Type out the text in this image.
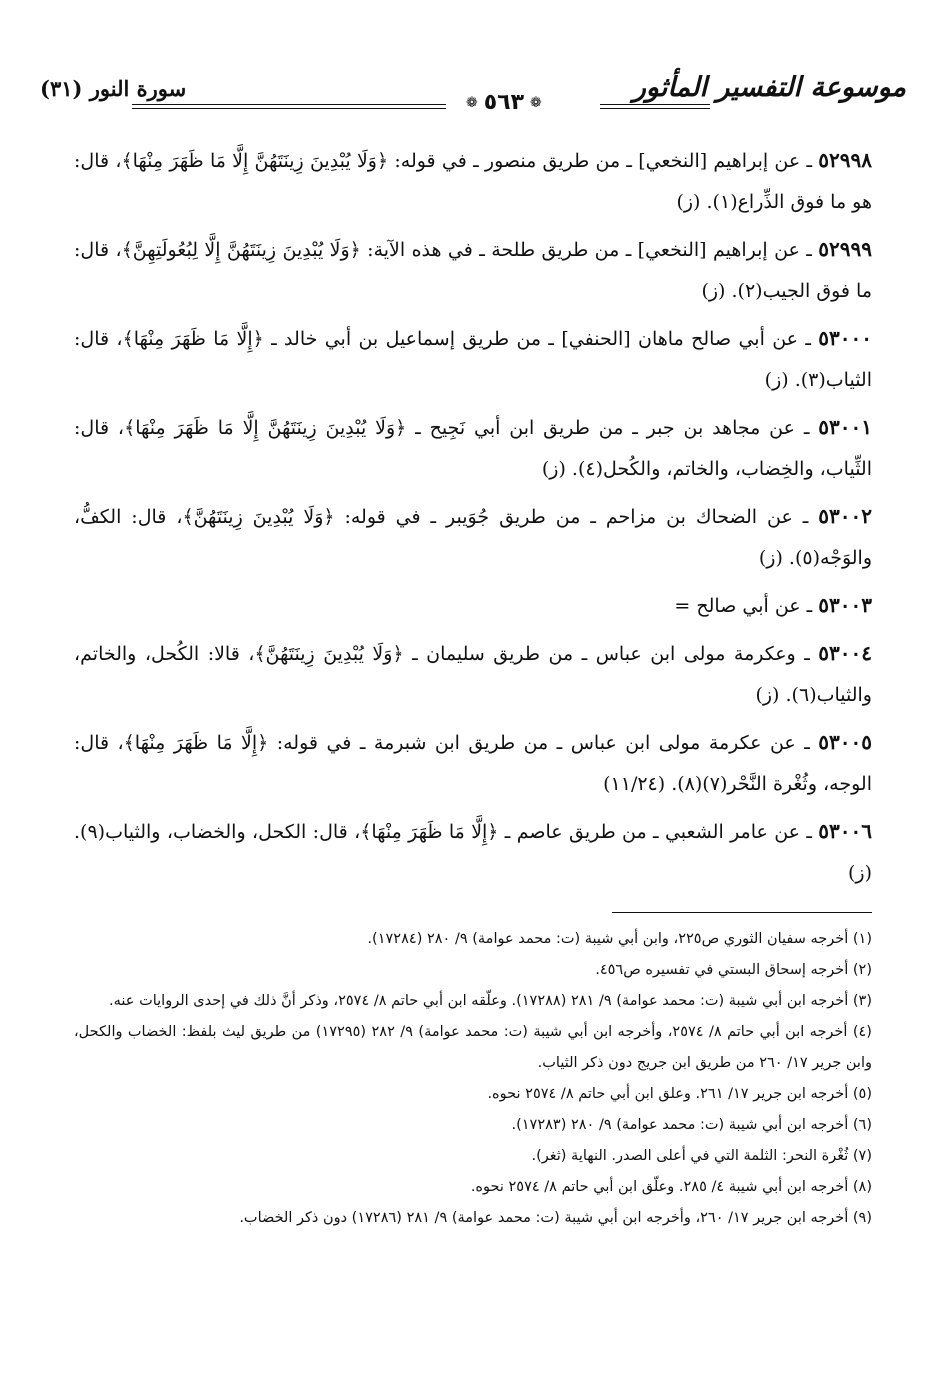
موسوعة التفسير المأثور
❁
٥٦٣
❁
سورة النور (٣١)

٥٢٩٩٨ ـ عن إبراهيم [النخعي] ـ من طريق منصور ـ في قوله: ﴿وَلَا يُبْدِينَ زِينَتَهُنَّ إِلَّا مَا ظَهَرَ مِنْهَا﴾، قال: هو ما فوق الذِّراع(١). (ز)

٥٢٩٩٩ ـ عن إبراهيم [النخعي] ـ من طريق طلحة ـ في هذه الآية: ﴿وَلَا يُبْدِينَ زِينَتَهُنَّ إِلَّا لِبُعُولَتِهِنَّ﴾، قال: ما فوق الجيب(٢). (ز)

٥٣٠٠٠ ـ عن أبي صالح ماهان [الحنفي] ـ من طريق إسماعيل بن أبي خالد ـ ﴿إِلَّا مَا ظَهَرَ مِنْهَا﴾، قال: الثياب(٣). (ز)

٥٣٠٠١ ـ عن مجاهد بن جبر ـ من طريق ابن أبي نَجِيح ـ ﴿وَلَا يُبْدِينَ زِينَتَهُنَّ إِلَّا مَا ظَهَرَ مِنْهَا﴾، قال: الثِّياب، والخِضاب، والخاتم، والكُحل(٤). (ز)

٥٣٠٠٢ ـ عن الضحاك بن مزاحم ـ من طريق جُوَيبر ـ في قوله: ﴿وَلَا يُبْدِينَ زِينَتَهُنَّ﴾، قال: الكفُّ، والوَجْه(٥). (ز)

٥٣٠٠٣ ـ عن أبي صالح =

٥٣٠٠٤ ـ وعكرمة مولى ابن عباس ـ من طريق سليمان ـ ﴿وَلَا يُبْدِينَ زِينَتَهُنَّ﴾، قالا: الكُحل، والخاتم، والثياب(٦). (ز)

٥٣٠٠٥ ـ عن عكرمة مولى ابن عباس ـ من طريق ابن شبرمة ـ في قوله: ﴿إِلَّا مَا ظَهَرَ مِنْهَا﴾، قال: الوجه، وثُغْرة النَّحْر(٧)(٨). (١١/٢٤)

٥٣٠٠٦ ـ عن عامر الشعبي ـ من طريق عاصم ـ ﴿إِلَّا مَا ظَهَرَ مِنْهَا﴾، قال: الكحل، والخضاب، والثياب(٩). (ز)

(١) أخرجه سفيان الثوري ص٢٢٥، وابن أبي شيبة (ت: محمد عوامة) ٩/ ٢٨٠ (١٧٢٨٤).

(٢) أخرجه إسحاق البستي في تفسيره ص٤٥٦.

(٣) أخرجه ابن أبي شيبة (ت: محمد عوامة) ٩/ ٢٨١ (١٧٢٨٨). وعلّقه ابن أبي حاتم ٨/ ٢٥٧٤، وذكر أنَّ ذلك في إحدى الروايات عنه.

(٤) أخرجه ابن أبي حاتم ٨/ ٢٥٧٤، وأخرجه ابن أبي شيبة (ت: محمد عوامة) ٩/ ٢٨٢ (١٧٢٩٥) من طريق ليث بلفظ: الخضاب والكحل، وابن جرير ١٧/ ٢٦٠ من طريق ابن جريج دون ذكر الثياب.

(٥) أخرجه ابن جرير ١٧/ ٢٦١. وعلق ابن أبي حاتم ٨/ ٢٥٧٤ نحوه.

(٦) أخرجه ابن أبي شيبة (ت: محمد عوامة) ٩/ ٢٨٠ (١٧٢٨٣).

(٧) ثُغْرة النحر: الثلمة التي في أعلى الصدر. النهاية (ثغر).

(٨) أخرجه ابن أبي شيبة ٤/ ٢٨٥. وعلّق ابن أبي حاتم ٨/ ٢٥٧٤ نحوه.

(٩) أخرجه ابن جرير ١٧/ ٢٦٠، وأخرجه ابن أبي شيبة (ت: محمد عوامة) ٩/ ٢٨١ (١٧٢٨٦) دون ذكر الخضاب.
